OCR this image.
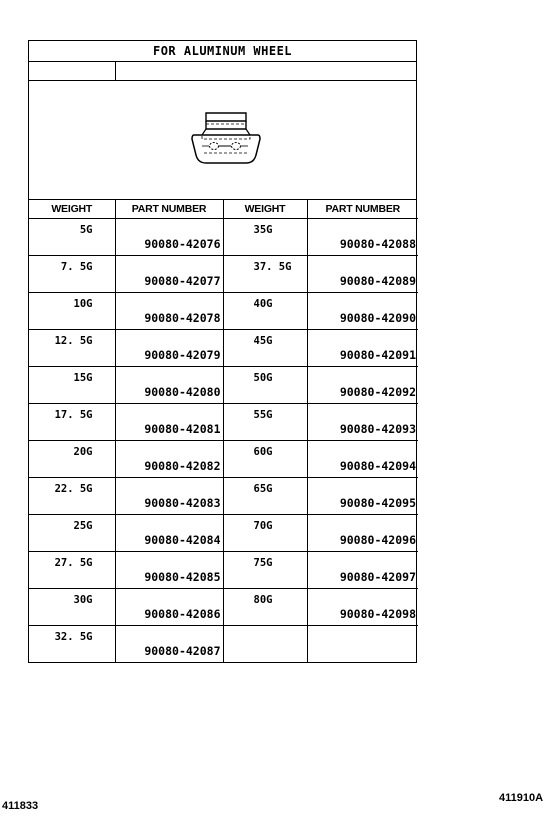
FOR ALUMINUM WHEEL
WEIGHT	PART NUMBER	WEIGHT	PART NUMBER

5G	90080-42076	35G	90080-42088

7. 5G	90080-42077	37. 5G	90080-42089

10G	90080-42078	40G	90080-42090

12. 5G	90080-42079	45G	90080-42091

15G	90080-42080	50G	90080-42092

17. 5G	90080-42081	55G	90080-42093

20G	90080-42082	60G	90080-42094

22. 5G	90080-42083	65G	90080-42095

25G	90080-42084	70G	90080-42096

27. 5G	90080-42085	75G	90080-42097

30G	90080-42086	80G	90080-42098

32. 5G	90080-42087		

411833
411910A
